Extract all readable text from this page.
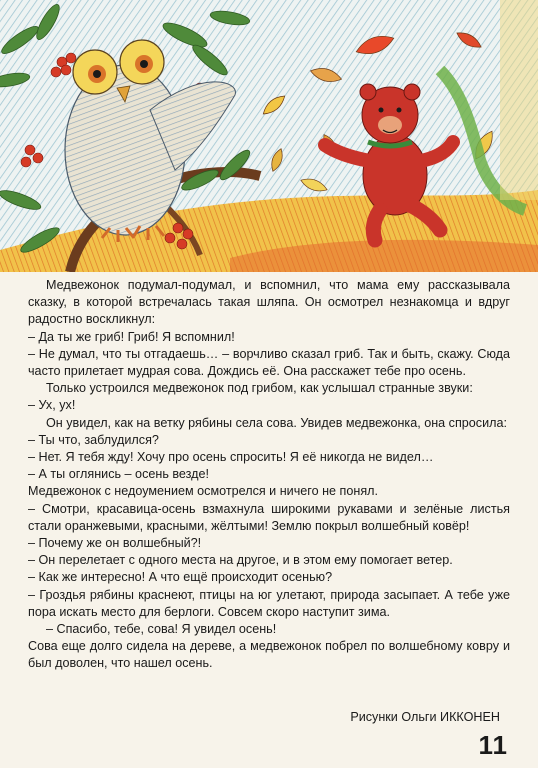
Медвежонок подумал-подумал, и вспомнил, что мама ему рассказывала сказку, в которой встречалась такая шляпа. Он осмотрел незнакомца и вдруг радостно воскликнул:

– Да ты же гриб! Гриб! Я вспомнил!

– Не думал, что ты отгадаешь… – ворчливо сказал гриб. Так и быть, скажу. Сюда часто прилетает мудрая сова. Дождись её. Она расскажет тебе про осень.

Только устроился медвежонок под грибом, как услышал странные звуки:

– Ух, ух!

Он увидел, как на ветку рябины села сова. Увидев медвежонка, она спросила:

– Ты что, заблудился?

– Нет. Я тебя жду! Хочу про осень спросить! Я её никогда не видел…

– А ты оглянись – осень везде!

Медвежонок с недоумением осмотрелся и ничего не понял.

– Смотри, красавица-осень взмахнула широкими рукавами и зелёные листья стали оранжевыми, красными, жёлтыми! Землю покрыл волшебный ковёр!

– Почему же он волшебный?!

– Он перелетает с одного места на другое, и в этом ему помогает ветер.

– Как же интересно! А что ещё происходит осенью?

– Гроздья рябины краснеют, птицы на юг улетают, природа засыпает. А тебе уже пора искать место для берлоги. Совсем скоро наступит зима.

– Спасибо, тебе, сова! Я увидел осень!

Сова еще долго сидела на дереве, а медвежонок побрел по волшебному ковру и был доволен, что нашел осень.

Рисунки Ольги ИККОНЕН
11
